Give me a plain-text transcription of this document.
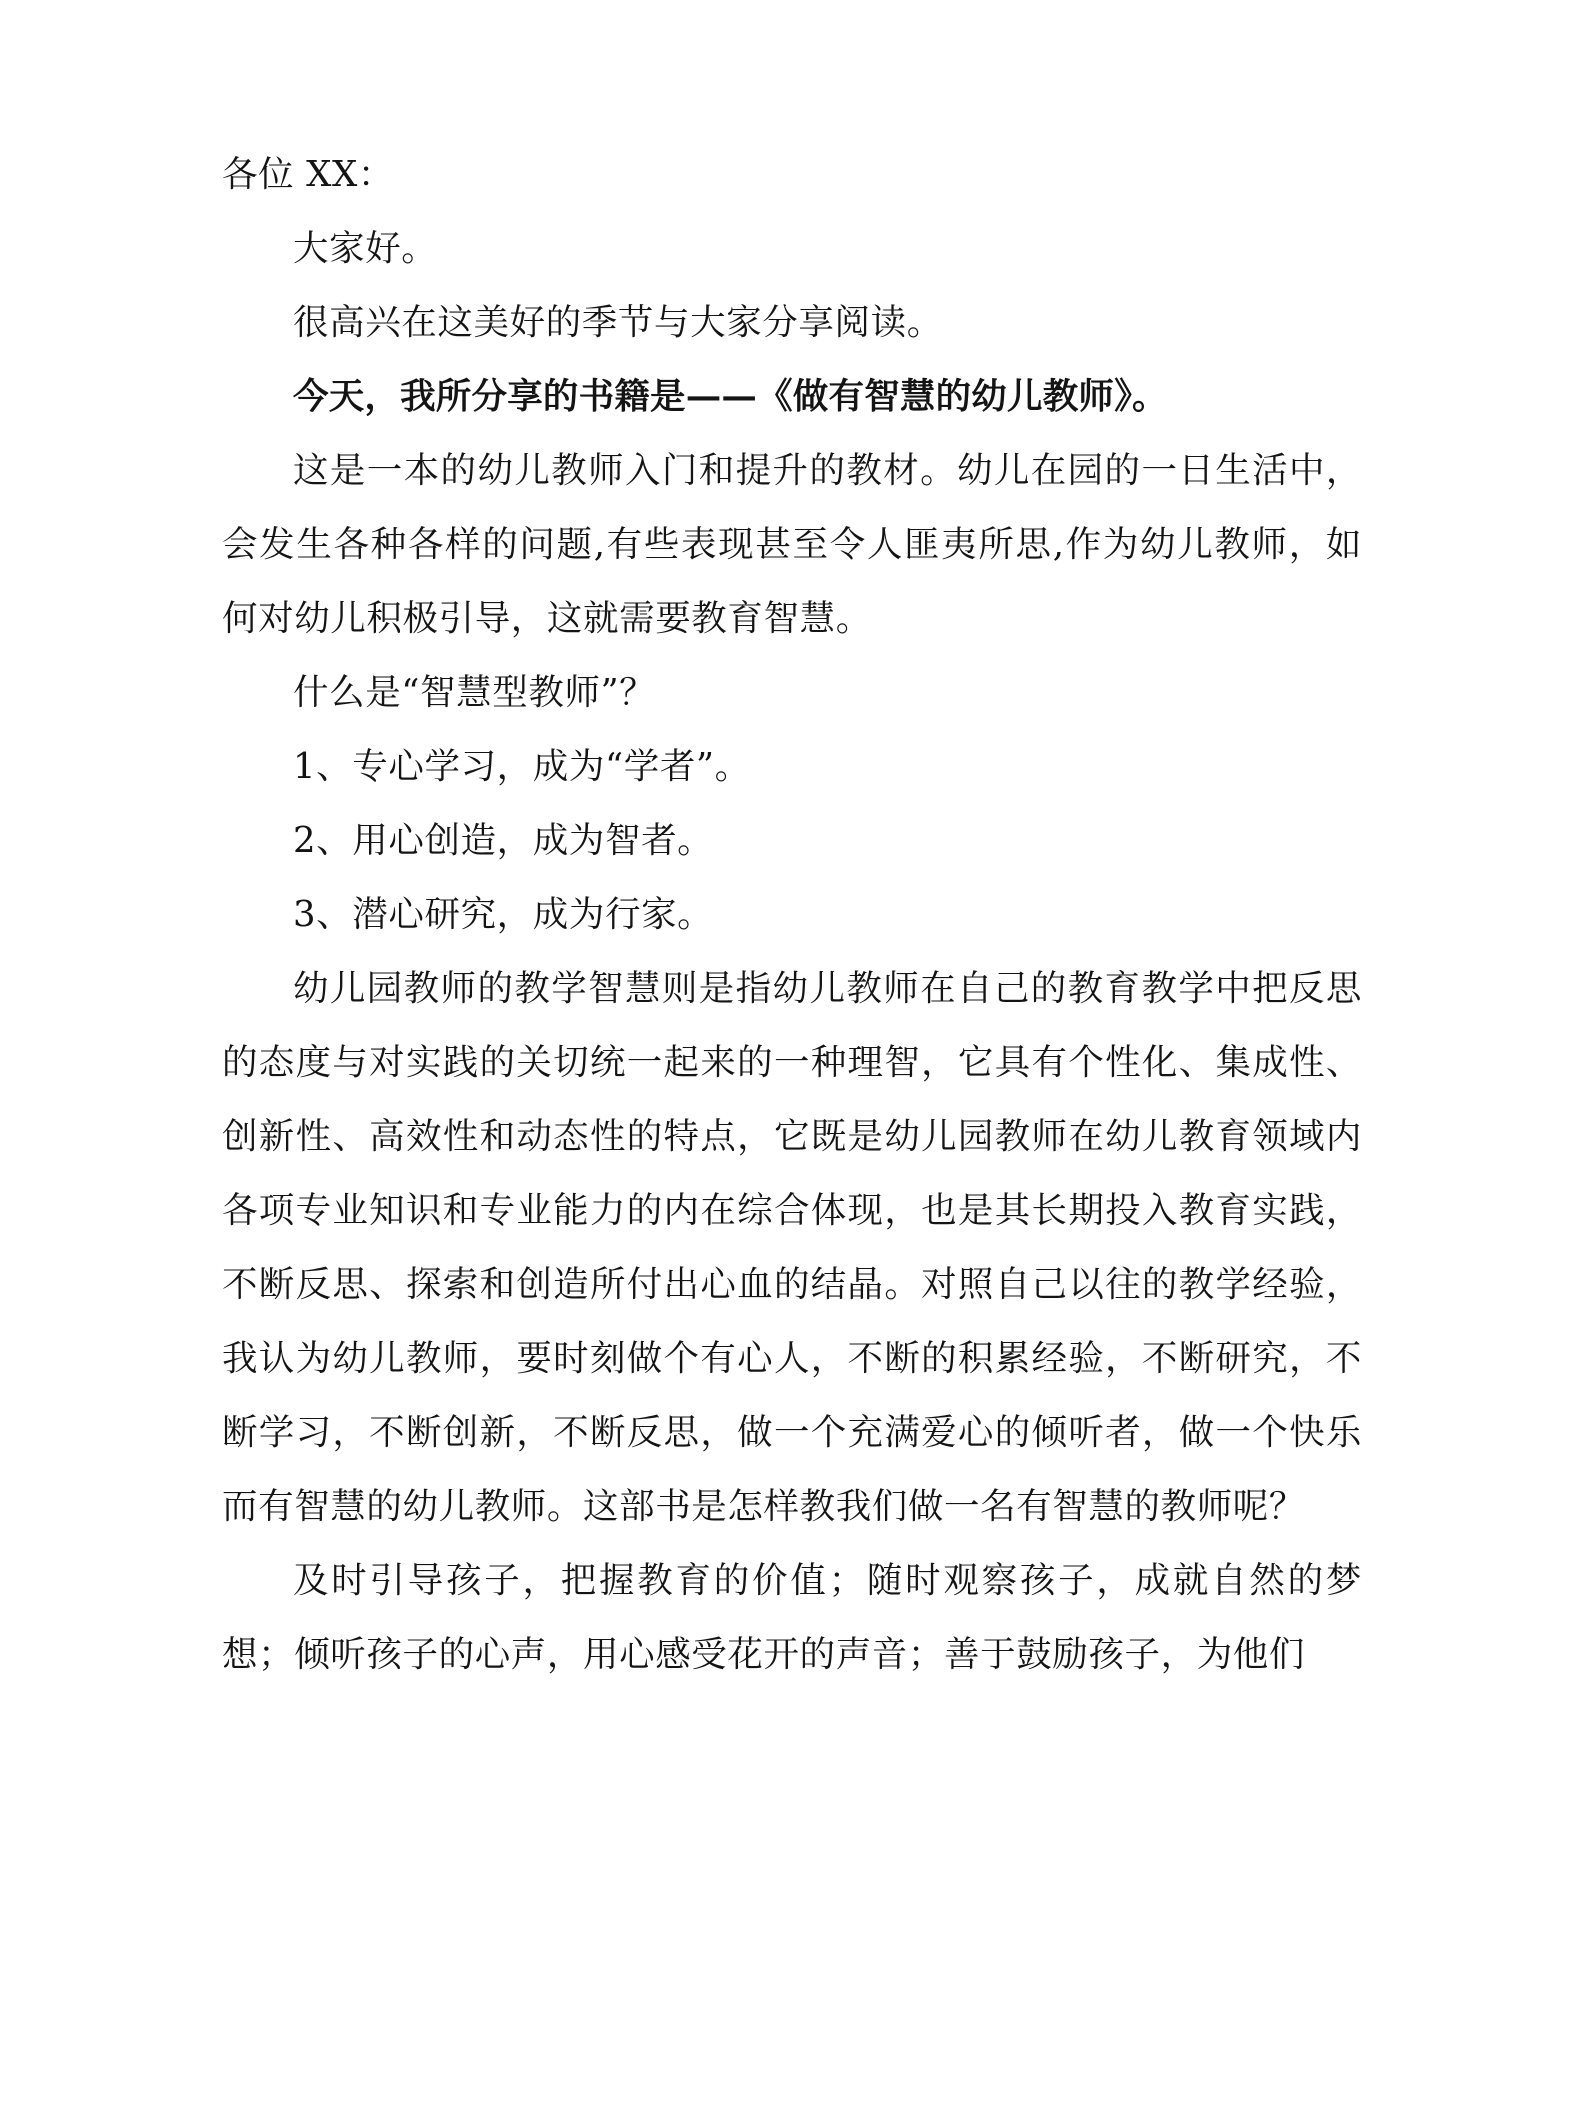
各位 XX：

大家好。

很高兴在这美好的季节与大家分享阅读。

今天，我所分享的书籍是——《做有智慧的幼儿教师》。

这是一本的幼儿教师入门和提升的教材。幼儿在园的一日生活中，会发生各种各样的问题,有些表现甚至令人匪夷所思,作为幼儿教师，如何对幼儿积极引导，这就需要教育智慧。

什么是“智慧型教师”？

1、专心学习，成为“学者”。

2、用心创造，成为智者。

3、潜心研究，成为行家。

幼儿园教师的教学智慧则是指幼儿教师在自己的教育教学中把反思的态度与对实践的关切统一起来的一种理智，它具有个性化、集成性、创新性、高效性和动态性的特点，它既是幼儿园教师在幼儿教育领域内各项专业知识和专业能力的内在综合体现，也是其长期投入教育实践，不断反思、探索和创造所付出心血的结晶。对照自己以往的教学经验，我认为幼儿教师，要时刻做个有心人，不断的积累经验，不断研究，不断学习，不断创新，不断反思，做一个充满爱心的倾听者，做一个快乐而有智慧的幼儿教师。这部书是怎样教我们做一名有智慧的教师呢？

及时引导孩子，把握教育的价值；随时观察孩子，成就自然的梦想；倾听孩子的心声，用心感受花开的声音；善于鼓励孩子，为他们
